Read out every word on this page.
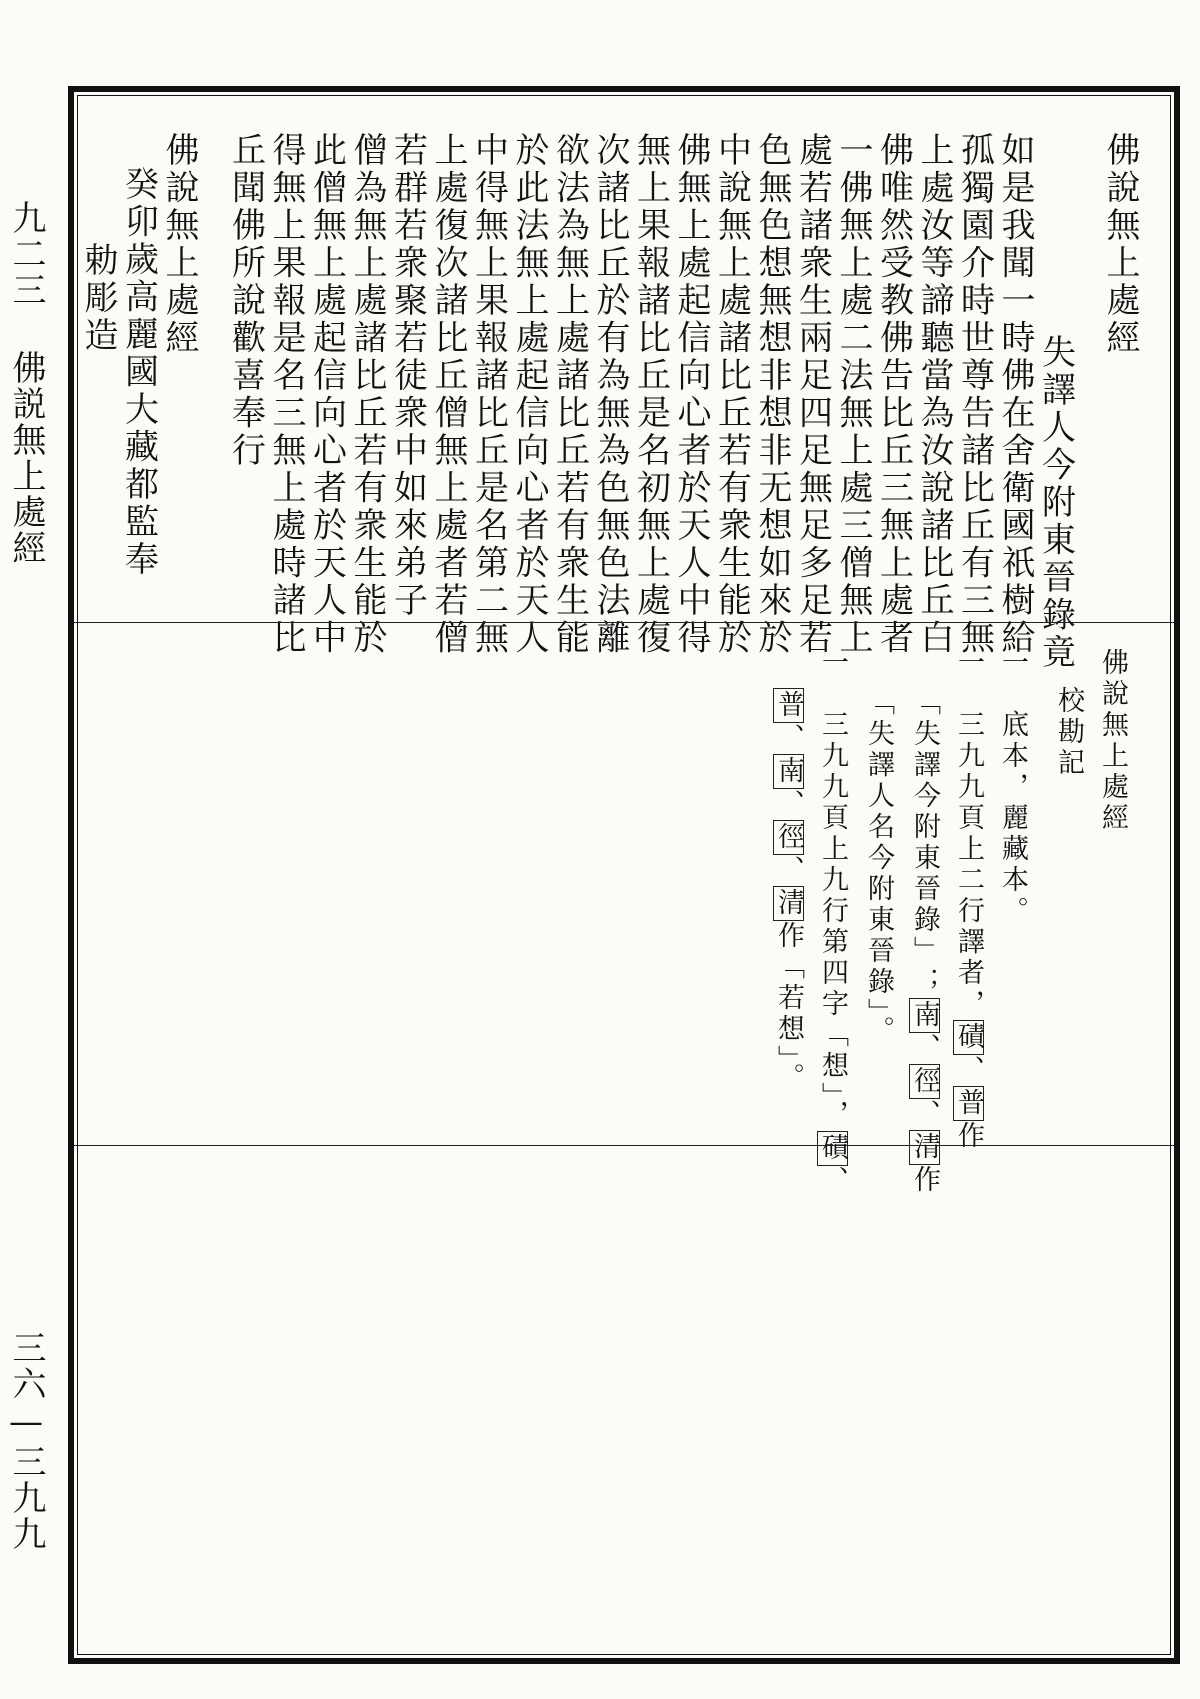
九二三 佛説無上處經
三六—三九九
佛說無上處經
失譯人今附東晉錄竟
如是我聞一時佛在舍衛國祇樹給
孤獨園介時世尊告諸比丘有三無
上處汝等諦聽當為汝說諸比丘白
佛唯然受教佛告比丘三無上處者
一佛無上處二法無上處三僧無上
處若諸衆生兩足四足無足多足若
色無色想無想非想非无想如來於
中說無上處諸比丘若有衆生能於
佛無上處起信向心者於天人中得
無上果報諸比丘是名初無上處復
次諸比丘於有為無為色無色法離
欲法為無上處諸比丘若有衆生能
於此法無上處起信向心者於天人
中得無上果報諸比丘是名第二無
上處復次諸比丘僧無上處者若僧
若群若衆聚若徒衆中如來弟子
僧為無上處諸比丘若有衆生能於
此僧無上處起信向心者於天人中
得無上果報是名三無上處時諸比
丘聞佛所說歡喜奉行
佛說無上處經
癸卯歲高麗國大藏都監奉
勅彫造
佛說無上處經
校勘記
一　底本，麗藏本。
一　三九九頁上二行譯者，磧、普作
「失譯今附東晉錄」；南、徑、清作
「失譯人名今附東晉錄」。
一　三九九頁上九行第四字「想」，磧、
普、南、徑、清作「若想」。
